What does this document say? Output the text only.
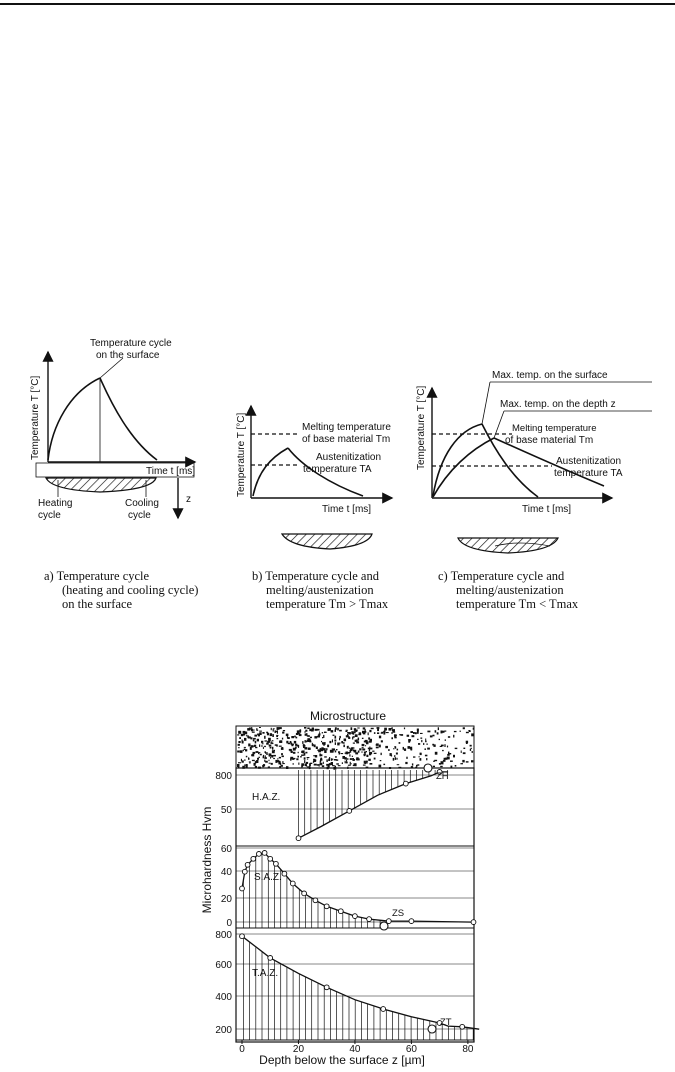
Temperature T [°C]
Temperature cycle
on the surface
Time t [ms]
z
Heating
cycle
Cooling
cycle
a) Temperature cycle
(heating and cooling cycle)
on the surface
Temperature T [°C]	Melting temperature
of base material Tm
Austenitization
temperature TA
Time t [ms]
b) Temperature cycle and
melting/austenization
temperature Tm > Tmax
Temperature T [°C]
Max. temp. on the surface
Max. temp. on the depth z
Melting temperature
of base material Tm
Austenitization
temperature TA
Time t [ms]
c) Temperature cycle and
melting/austenization
temperature Tm < Tmax
Microstructure
Microhardness Hvm
Depth below the surface z [µm]
800
50
H.A.Z.
ZH
60
40
20
0
S.A.Z.
ZS
800
600
400
200
T.A.Z.
ZT
0	20	40	60	80
